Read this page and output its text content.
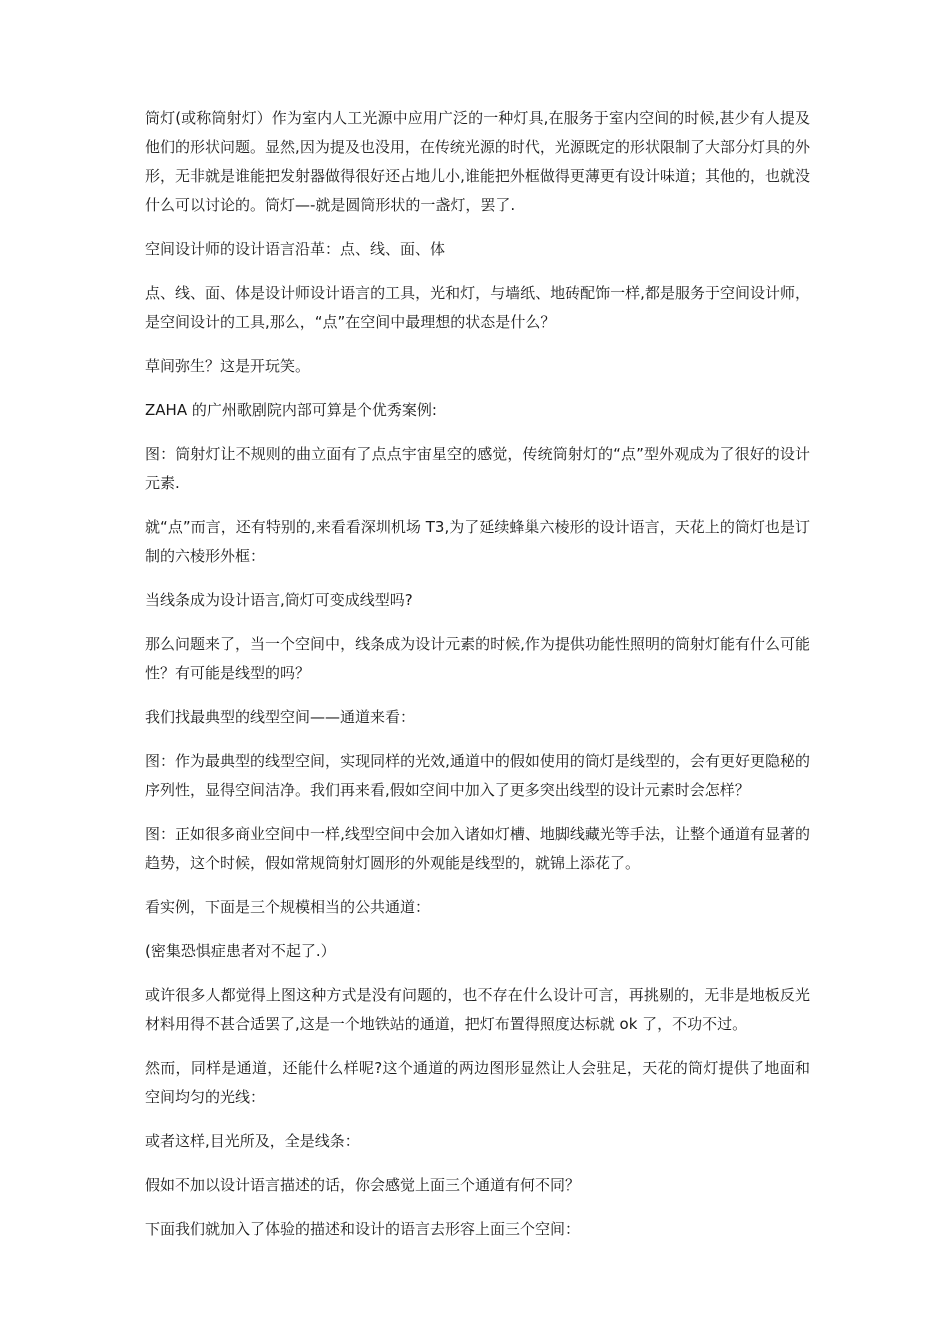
筒灯(或称筒射灯）作为室内人工光源中应用广泛的一种灯具,在服务于室内空间的时候,甚少有人提及他们的形状问题。显然,因为提及也没用，在传统光源的时代，光源既定的形状限制了大部分灯具的外形，无非就是谁能把发射器做得很好还占地儿小,谁能把外框做得更薄更有设计味道；其他的，也就没什么可以讨论的。筒灯—-就是圆筒形状的一盏灯，罢了.

空间设计师的设计语言沿革：点、线、面、体

点、线、面、体是设计师设计语言的工具，光和灯，与墙纸、地砖配饰一样,都是服务于空间设计师，是空间设计的工具,那么，“点”在空间中最理想的状态是什么？

草间弥生？这是开玩笑。

ZAHA 的广州歌剧院内部可算是个优秀案例:

图：筒射灯让不规则的曲立面有了点点宇宙星空的感觉，传统筒射灯的“点”型外观成为了很好的设计元素.

就“点”而言，还有特别的,来看看深圳机场 T3,为了延续蜂巢六棱形的设计语言，天花上的筒灯也是订制的六棱形外框：

当线条成为设计语言,筒灯可变成线型吗?

那么问题来了，当一个空间中，线条成为设计元素的时候,作为提供功能性照明的筒射灯能有什么可能性？有可能是线型的吗？

我们找最典型的线型空间——通道来看：

图：作为最典型的线型空间，实现同样的光效,通道中的假如使用的筒灯是线型的，会有更好更隐秘的序列性，显得空间洁净。我们再来看,假如空间中加入了更多突出线型的设计元素时会怎样？

图：正如很多商业空间中一样,线型空间中会加入诸如灯槽、地脚线藏光等手法，让整个通道有显著的趋势，这个时候，假如常规筒射灯圆形的外观能是线型的，就锦上添花了。

看实例，下面是三个规模相当的公共通道：

(密集恐惧症患者对不起了.）

或许很多人都觉得上图这种方式是没有问题的，也不存在什么设计可言，再挑剔的，无非是地板反光材料用得不甚合适罢了,这是一个地铁站的通道，把灯布置得照度达标就 ok 了，不功不过。

然而，同样是通道，还能什么样呢?这个通道的两边图形显然让人会驻足，天花的筒灯提供了地面和空间均匀的光线：

或者这样,目光所及，全是线条：

假如不加以设计语言描述的话，你会感觉上面三个通道有何不同？

下面我们就加入了体验的描述和设计的语言去形容上面三个空间：
